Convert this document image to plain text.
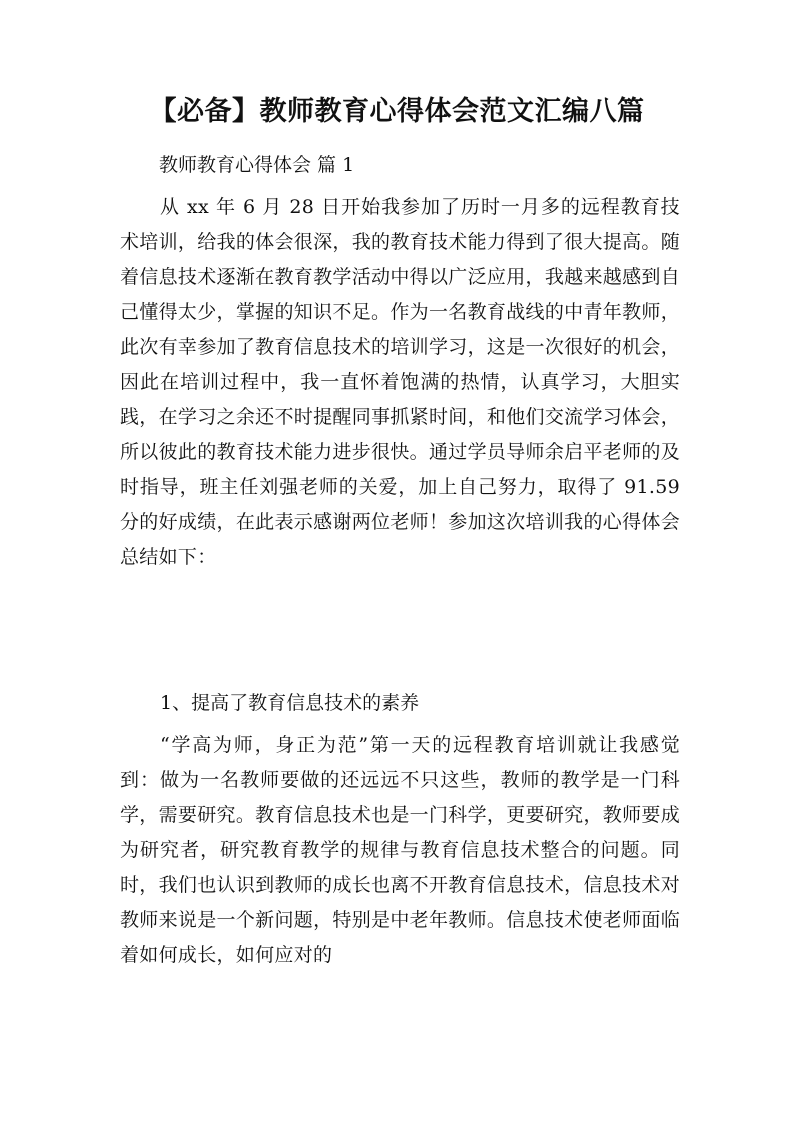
【必备】教师教育心得体会范文汇编八篇
教师教育心得体会 篇 1
从 xx 年 6 月 28 日开始我参加了历时一月多的远程教育技术培训，给我的体会很深，我的教育技术能力得到了很大提高。随着信息技术逐渐在教育教学活动中得以广泛应用，我越来越感到自己懂得太少，掌握的知识不足。作为一名教育战线的中青年教师，此次有幸参加了教育信息技术的培训学习，这是一次很好的机会，因此在培训过程中，我一直怀着饱满的热情，认真学习，大胆实践，在学习之余还不时提醒同事抓紧时间，和他们交流学习体会，所以彼此的教育技术能力进步很快。通过学员导师余启平老师的及时指导，班主任刘强老师的关爱，加上自己努力，取得了 91.59 分的好成绩，在此表示感谢两位老师！参加这次培训我的心得体会总结如下：
1、提高了教育信息技术的素养
“学高为师，身正为范”第一天的远程教育培训就让我感觉到：做为一名教师要做的还远远不只这些，教师的教学是一门科学，需要研究。教育信息技术也是一门科学，更要研究，教师要成为研究者，研究教育教学的规律与教育信息技术整合的问题。同时，我们也认识到教师的成长也离不开教育信息技术，信息技术对教师来说是一个新问题，特别是中老年教师。信息技术使老师面临着如何成长，如何应对的
